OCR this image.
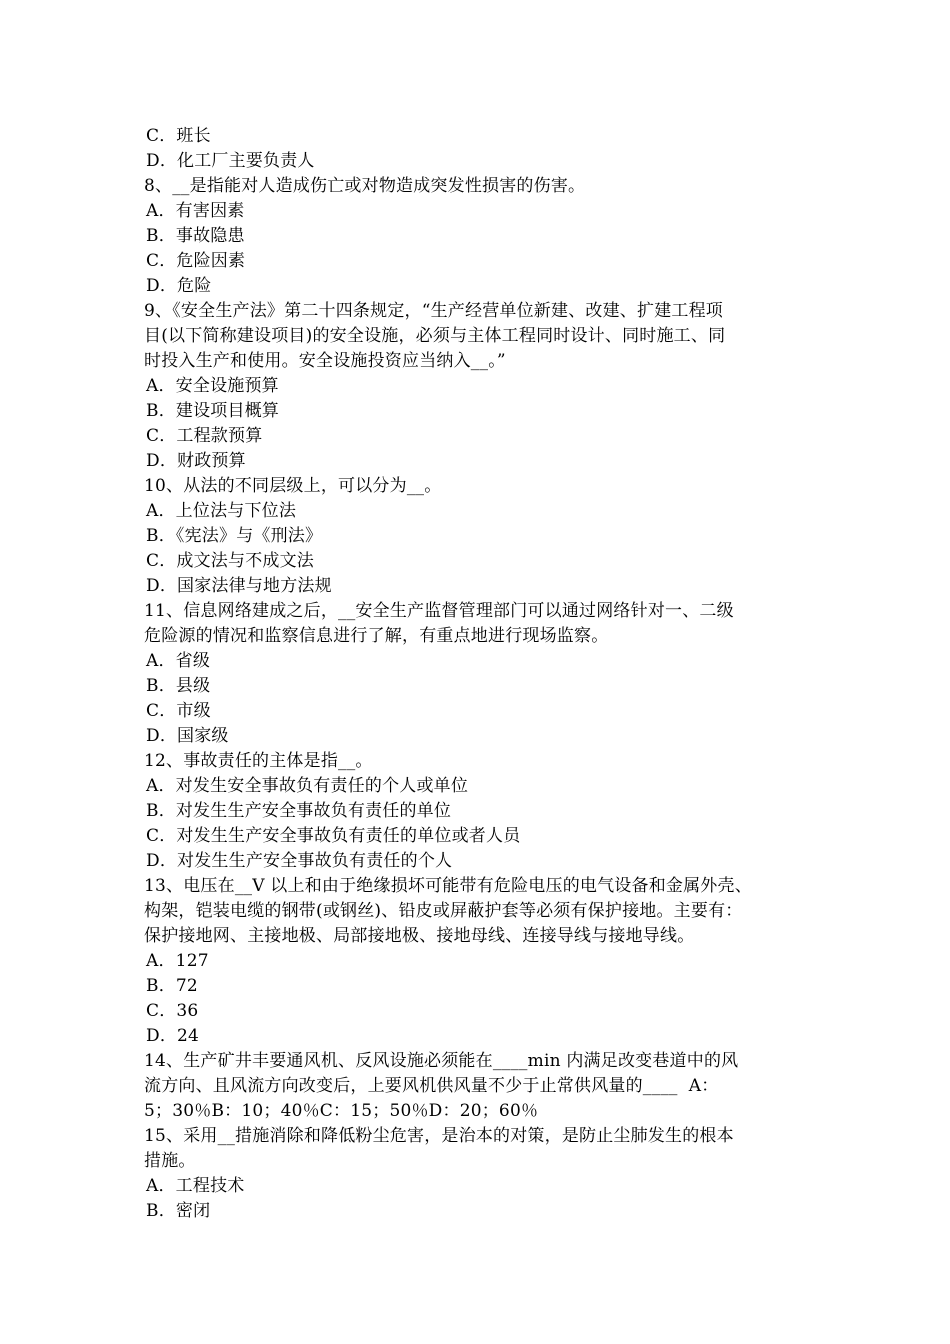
C．班长
D．化工厂主要负责人
8、__是指能对人造成伤亡或对物造成突发性损害的伤害。
A．有害因素
B．事故隐患
C．危险因素
D．危险
9、《安全生产法》第二十四条规定，“生产经营单位新建、改建、扩建工程项
目(以下简称建设项目)的安全设施，必须与主体工程同时设计、同时施工、同
时投入生产和使用。安全设施投资应当纳入__。”
A．安全设施预算
B．建设项目概算
C．工程款预算
D．财政预算
10、从法的不同层级上，可以分为__。
A．上位法与下位法
B．《宪法》与《刑法》
C．成文法与不成文法
D．国家法律与地方法规
11、信息网络建成之后，__安全生产监督管理部门可以通过网络针对一、二级
危险源的情况和监察信息进行了解，有重点地进行现场监察。
A．省级
B．县级
C．市级
D．国家级
12、事故责任的主体是指__。
A．对发生安全事故负有责任的个人或单位
B．对发生生产安全事故负有责任的单位
C．对发生生产安全事故负有责任的单位或者人员
D．对发生生产安全事故负有责任的个人
13、电压在__V 以上和由于绝缘损坏可能带有危险电压的电气设备和金属外壳、
构架，铠装电缆的钢带(或钢丝)、铅皮或屏蔽护套等必须有保护接地。主要有：
保护接地网、主接地极、局部接地极、接地母线、连接导线与接地导线。
A．127
B．72
C．36
D．24
14、生产矿井丰要通风机、反风设施必须能在____min 内满足改变巷道中的风
流方向、且风流方向改变后，上要风机供风量不少于止常供风量的____  A：
5；30％B：10；40％C：15；50％D：20；60％
15、采用__措施消除和降低粉尘危害，是治本的对策，是防止尘肺发生的根本
措施。
A．工程技术
B．密闭
